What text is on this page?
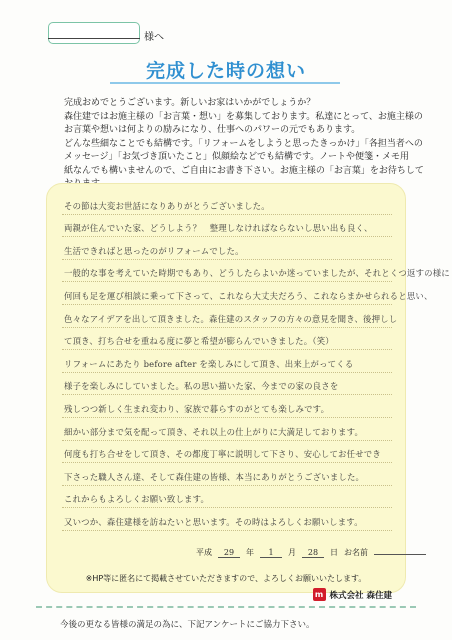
様へ
完成した時の想い

完成おめでとうございます。新しいお家はいかがでしょうか？

森住建ではお施主様の「お言葉・想い」を募集しております。私達にとって、お施主様の

お言葉や想いは何よりの励みになり、仕事へのパワーの元でもあります。

どんな些細なことでも結構です。「リフォームをしようと思ったきっかけ」「各担当者への

メッセージ」「お気づき頂いたこと」似顔絵などでも結構です。ノートや便箋・メモ用

紙なんでも構いませんので、ご自由にお書き下さい。お施主様の「お言葉」をお待ちして

その節は大変お世話になりありがとうございました。
両親が住んでいた家、どうしよう？　整理しなければならないし思い出も良く、
生活できればと思ったのがリフォームでした。
一般的な事を考えていた時期でもあり、どうしたらよいか迷っていましたが、それとくつ返すの様に
何回も足を運び相談に乗って下さって、これなら大丈夫だろう、これならまかせられると思い、
色々なアイデアを出して頂きました。森住建のスタッフの方々の意見を聞き、後押しし
て頂き、打ち合せを重ねる度に夢と希望が膨らんでいきました。（笑）
リフォームにあたり before after を楽しみにして頂き、出来上がってくる
様子を楽しみにしていました。私の思い描いた家、今までの家の良さを
残しつつ新しく生まれ変わり、家族で暮らすのがとても楽しみです。
細かい部分まで気を配って頂き、それ以上の仕上がりに大満足しております。
何度も打ち合せをして頂き、その都度丁寧に説明して下さり、安心してお任せでき
下さった職人さん達、そして森住建の皆様、本当にありがとうございました。
これからもよろしくお願い致します。
又いつか、森住建様を訪ねたいと思います。その時はよろしくお願いします。
平成	29	年	1	月	28	日 お名前
※HP等に匿名にて掲載させていただきますので、よろしくお願いいたします。
m 株式会社 森住建
今後の更なる皆様の満足の為に、下記アンケートにご協力下さい。
